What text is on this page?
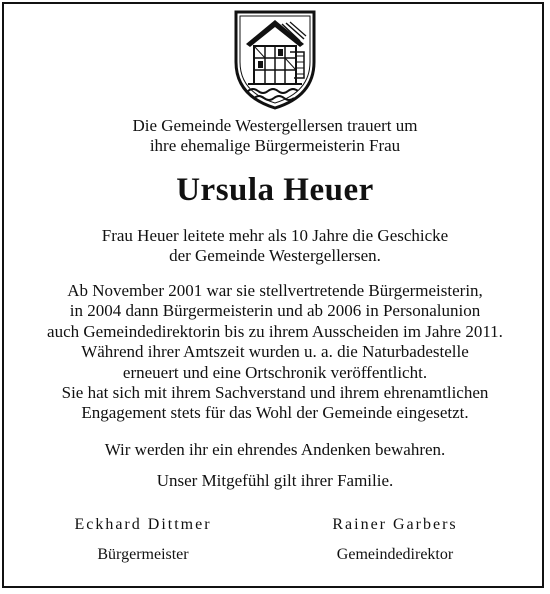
Die Gemeinde Westergellersen trauert um
ihre ehemalige Bürgermeisterin Frau
Ursula Heuer
Frau Heuer leitete mehr als 10 Jahre die Geschicke
der Gemeinde Westergellersen.
Ab November 2001 war sie stellvertretende Bürgermeisterin,
in 2004 dann Bürgermeisterin und ab 2006 in Personalunion
auch Gemeindedirektorin bis zu ihrem Ausscheiden im Jahre 2011.
Während ihrer Amtszeit wurden u. a. die Naturbadestelle
erneuert und eine Ortschronik veröffentlicht.
Sie hat sich mit ihrem Sachverstand und ihrem ehrenamtlichen
Engagement stets für das Wohl der Gemeinde eingesetzt.
Wir werden ihr ein ehrendes Andenken bewahren.
Unser Mitgefühl gilt ihrer Familie.
Eckhard Dittmer
Bürgermeister
Rainer Garbers
Gemeindedirektor
